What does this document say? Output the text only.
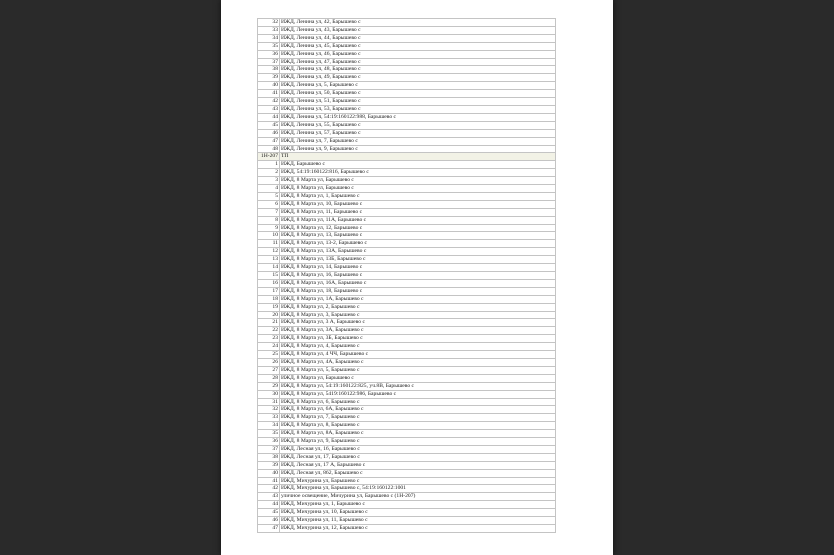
32	ИЖД, Ленина ул, 42, Барышево с
33	ИЖД, Ленина ул, 43, Барышево с
34	ИЖД, Ленина ул, 44, Барышево с
35	ИЖД, Ленина ул, 45, Барышево с
36	ИЖД, Ленина ул, 46, Барышево с
37	ИЖД, Ленина ул, 47, Барышево с
38	ИЖД, Ленина ул, 48, Барышево с
39	ИЖД, Ленина ул, 49, Барышево с
40	ИЖД, Ленина ул, 5, Барышево с
41	ИЖД, Ленина ул, 50, Барышево с
42	ИЖД, Ленина ул, 51, Барышево с
43	ИЖД, Ленина ул, 53, Барышево с
44	ИЖД, Ленина ул, 54:19:160122:988, Барышево с
45	ИЖД, Ленина ул, 55, Барышево с
46	ИЖД, Ленина ул, 57, Барышево с
47	ИЖД, Ленина ул, 7, Барышево с
48	ИЖД, Ленина ул, 9, Барышево с
1Н-207	ТП
1	ИЖД, Барышево с
2	ИЖД, 54:19:160122:816, Барышево с
3	ИЖД, 8 Марта ул, Барышево с
4	ИЖД, 8 Марта ул, Барышево с
5	ИЖД, 8 Марта ул, 1, Барышево с
6	ИЖД, 8 Марта ул, 10, Барышево с
7	ИЖД, 8 Марта ул, 11, Барышево с
8	ИЖД, 8 Марта ул, 11А, Барышево с
9	ИЖД, 8 Марта ул, 12, Барышево с
10	ИЖД, 8 Марта ул, 13, Барышево с
11	ИЖД, 8 Марта ул, 13-2, Барышево с
12	ИЖД, 8 Марта ул, 13А, Барышево с
13	ИЖД, 8 Марта ул, 13Б, Барышево с
14	ИЖД, 8 Марта ул, 14, Барышево с
15	ИЖД, 8 Марта ул, 16, Барышево с
16	ИЖД, 8 Марта ул, 16А, Барышево с
17	ИЖД, 8 Марта ул, 18, Барышево с
18	ИЖД, 8 Марта ул, 1А, Барышево с
19	ИЖД, 8 Марта ул, 2, Барышево с
20	ИЖД, 8 Марта ул, 3, Барышево с
21	ИЖД, 8 Марта ул, 3 А, Барышево с
22	ИЖД, 8 Марта ул, 3А, Барышево с
23	ИЖД, 8 Марта ул, 3Б, Барышево с
24	ИЖД, 8 Марта ул, 4, Барышево с
25	ИЖД, 8 Марта ул, 4 ЧЧ, Барышево с
26	ИЖД, 8 Марта ул, 4А, Барышево с
27	ИЖД, 8 Марта ул, 5, Барышево с
28	ИЖД, 8 Марта ул, Барышево с
29	ИЖД, 8 Марта ул, 54:19:160122:825, уч.8В, Барышево с
30	ИЖД, 8 Марта ул, 5419:160122:986, Барышево с
31	ИЖД, 8 Марта ул, 6, Барышево с
32	ИЖД, 8 Марта ул, 6А, Барышево с
33	ИЖД, 8 Марта ул, 7, Барышево с
34	ИЖД, 8 Марта ул, 8, Барышево с
35	ИЖД, 8 Марта ул, 8А, Барышево с
36	ИЖД, 8 Марта ул, 9, Барышево с
37	ИЖД, Лесная ул, 16, Барышево с
38	ИЖД, Лесная ул, 17, Барышево с
39	ИЖД, Лесная ул, 17 А, Барышево с
40	ИЖД, Лесная ул, 862, Барышево с
41	ИЖД, Мичурина ул, Барышево с
42	ИЖД, Мичурина ул, Барышево с, 54:19:160122:1001
43	уличное освещение, Мичурина ул, Барышево с (1Н-207)
44	ИЖД, Мичурина ул, 1, Барышево с
45	ИЖД, Мичурина ул, 10, Барышево с
46	ИЖД, Мичурина ул, 11, Барышево с
47	ИЖД, Мичурина ул, 12, Барышево с
